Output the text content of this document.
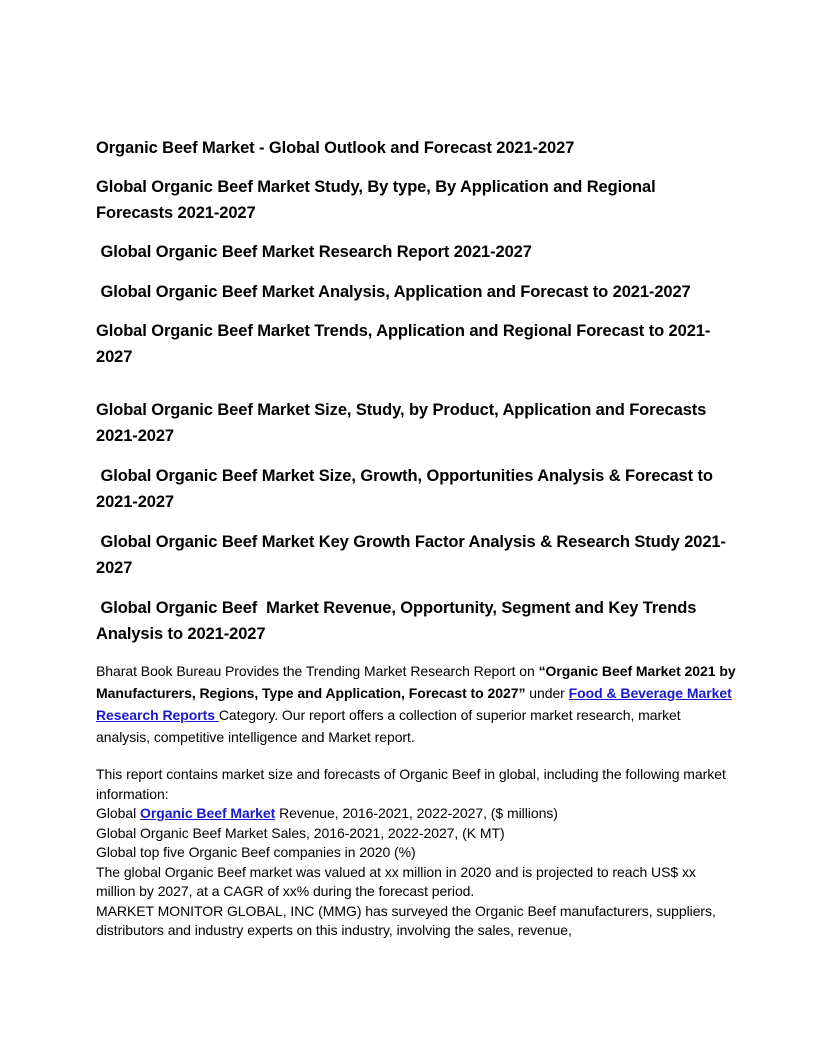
Organic Beef Market - Global Outlook and Forecast 2021-2027
Global Organic Beef Market Study, By type, By Application and Regional Forecasts 2021-2027
Global Organic Beef Market Research Report 2021-2027
Global Organic Beef Market Analysis, Application and Forecast to 2021-2027
Global Organic Beef Market Trends, Application and Regional Forecast to 2021-2027
Global Organic Beef Market Size, Study, by Product, Application and Forecasts 2021-2027
Global Organic Beef Market Size, Growth, Opportunities Analysis & Forecast to 2021-2027
Global Organic Beef Market Key Growth Factor Analysis & Research Study 2021-2027
Global Organic Beef  Market Revenue, Opportunity, Segment and Key Trends Analysis to 2021-2027
Bharat Book Bureau Provides the Trending Market Research Report on “Organic Beef Market 2021 by Manufacturers, Regions, Type and Application, Forecast to 2027” under Food & Beverage Market Research Reports Category. Our report offers a collection of superior market research, market analysis, competitive intelligence and Market report.
This report contains market size and forecasts of Organic Beef in global, including the following market information:
Global Organic Beef Market Revenue, 2016-2021, 2022-2027, ($ millions)
Global Organic Beef Market Sales, 2016-2021, 2022-2027, (K MT)
Global top five Organic Beef companies in 2020 (%)
The global Organic Beef market was valued at xx million in 2020 and is projected to reach US$ xx million by 2027, at a CAGR of xx% during the forecast period.
MARKET MONITOR GLOBAL, INC (MMG) has surveyed the Organic Beef manufacturers, suppliers, distributors and industry experts on this industry, involving the sales, revenue,
